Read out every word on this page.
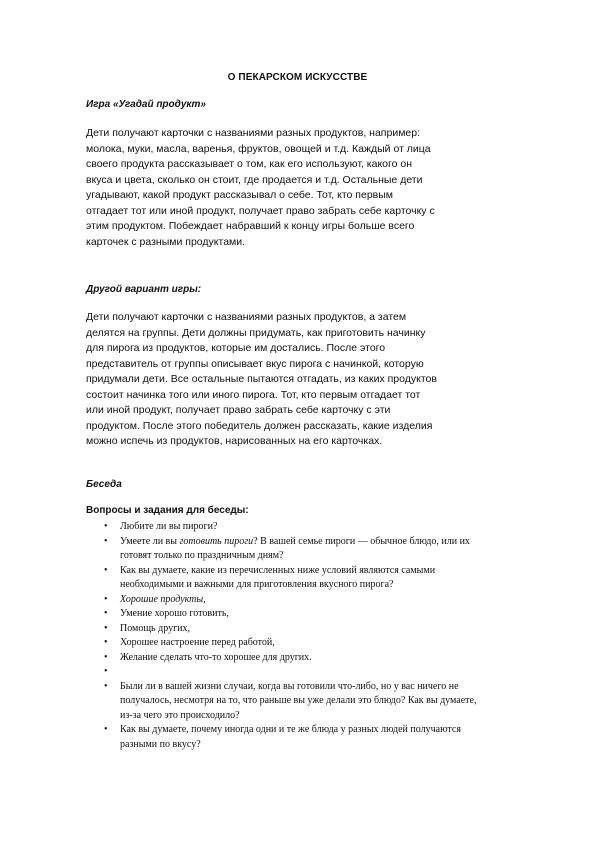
О ПЕКАРСКОМ ИСКУССТВЕ

Игра «Угадай продукт»

Дети получают карточки с названиями разных продуктов, например:
молока, муки, масла, варенья, фруктов, овощей и т.д. Каждый от лица
своего продукта рассказывает о том, как его используют, какого он
вкуса и цвета, сколько он стоит, где продается и т.д. Остальные дети
угадывают, какой продукт рассказывал о себе. Тот, кто первым
отгадает тот или иной продукт, получает право забрать себе карточку с
этим продуктом. Побеждает набравший к концу игры больше всего
карточек с разными продуктами.

Другой вариант игры:

Дети получают карточки с названиями разных продуктов, а затем
делятся на группы. Дети должны придумать, как приготовить начинку
для пирога из продуктов, которые им достались. После этого
представитель от группы описывает вкус пирога с начинкой, которую
придумали дети. Все остальные пытаются отгадать, из каких продуктов
состоит начинка того или иного пирога. Тот, кто первым отгадает тот
или иной продукт, получает право забрать себе карточку с эти
продуктом. После этого победитель должен рассказать, какие изделия
можно испечь из продуктов, нарисованных на его карточках.

Беседа

Вопросы и задания для беседы:

• Любите ли вы пироги?
• Умеете ли вы готовить пироги? В вашей семье пироги — обычное блюдо, или их
готовят только по праздничным дням?
• Как вы думаете, какие из перечисленных ниже условий являются самыми
необходимыми и важными для приготовления вкусного пирога?
• Хорошие продукты,
• Умение хорошо готовить,
• Помощь других,
• Хорошее настроение перед работой,
• Желание сделать что-то хорошее для других.
•

• Были ли в вашей жизни случаи, когда вы готовили что-либо, но у вас ничего не
получалось, несмотря на то, что раньше вы уже делали это блюдо? Как вы думаете,
из-за чего это происходило?
• Как вы думаете, почему иногда одни и те же блюда у разных людей получаются
разными по вкусу?
